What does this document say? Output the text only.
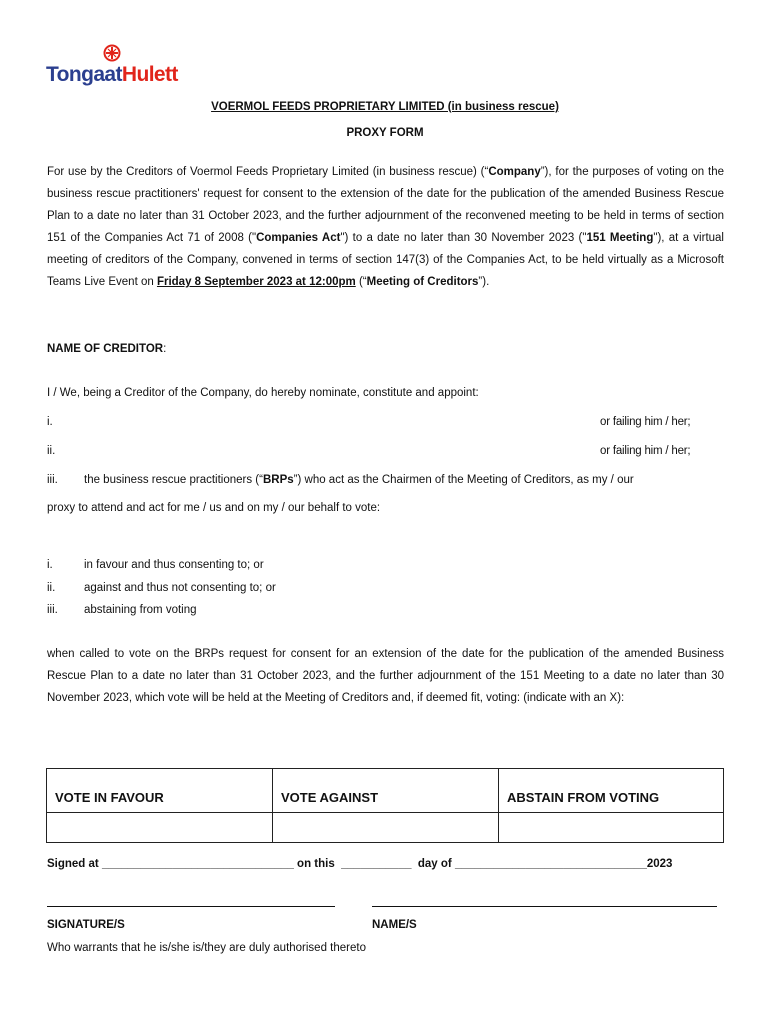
TongaatHulett
VOERMOL FEEDS PROPRIETARY LIMITED (in business rescue)
PROXY FORM
For use by the Creditors of Voermol Feeds Proprietary Limited (in business rescue) (“Company”), for the purposes of voting on the business rescue practitioners' request for consent to the extension of the date for the publication of the amended Business Rescue Plan to a date no later than 31 October 2023, and the further adjournment of the reconvened meeting to be held in terms of section 151 of the Companies Act 71 of 2008 ("Companies Act") to a date no later than 30 November 2023 ("151 Meeting"), at a virtual meeting of creditors of the Company, convened in terms of section 147(3) of the Companies Act, to be held virtually as a Microsoft Teams Live Event on Friday 8 September 2023 at 12:00pm (“Meeting of Creditors”).
NAME OF CREDITOR:
I / We, being a Creditor of the Company, do hereby nominate, constitute and appoint:
i.	or failing him / her;
ii.	or failing him / her;
iii. the business rescue practitioners (“BRPs”) who act as the Chairmen of the Meeting of Creditors, as my / our
proxy to attend and act for me / us and on my / our behalf to vote:
i.	in favour and thus consenting to; or
ii. against and thus not consenting to; or
iii. abstaining from voting
when called to vote on the BRPs request for consent for an extension of the date for the publication of the amended Business Rescue Plan to a date no later than 31 October 2023, and the further adjournment of the 151 Meeting to a date no later than 30 November 2023, which vote will be held at the Meeting of Creditors and, if deemed fit, voting: (indicate with an X):
VOTE IN FAVOUR	VOTE AGAINST	ABSTAIN FROM VOTING

Signed at ______________________________ on this ___________ day of ______________________________2023
SIGNATURE/S	NAME/S
Who warrants that he is/she is/they are duly authorised thereto
